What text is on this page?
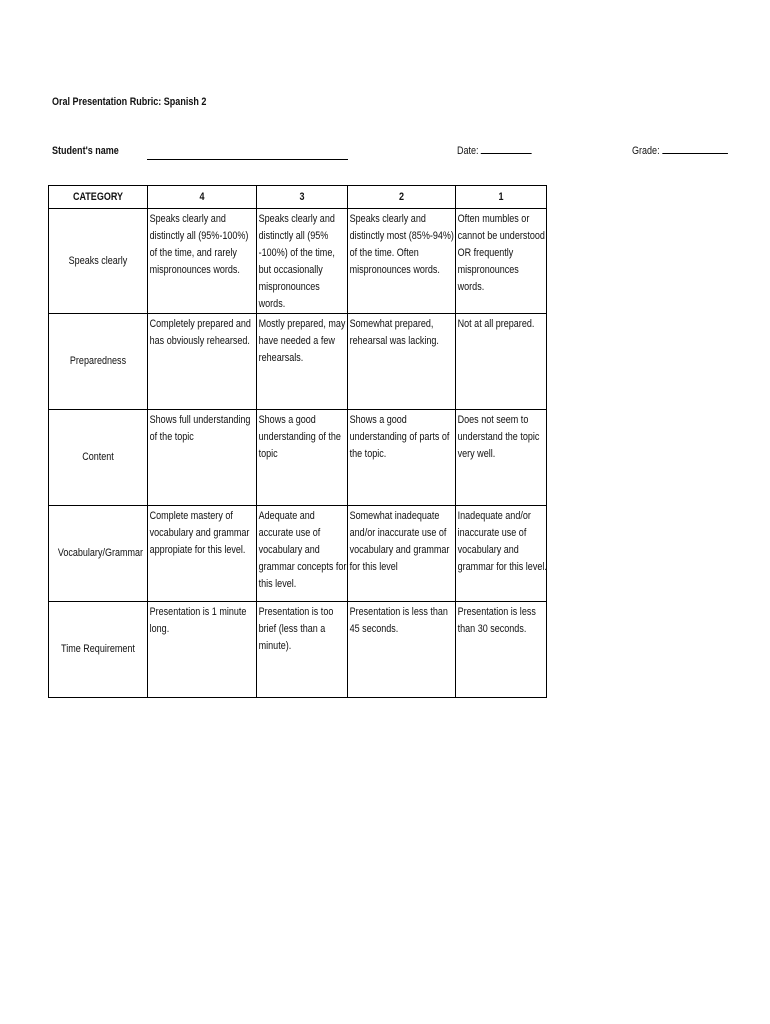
Oral Presentation Rubric: Spanish 2
Student's name	Date:	Grade:
CATEGORY	4	3	2	1

Speaks clearly	Speaks clearly and distinctly all (95%-100%) of the time, and rarely mispronounces words.	Speaks clearly and distinctly all (95% -100%) of the time, but occasionally mispronounces words.	Speaks clearly and distinctly most (85%-94%) of the time. Often mispronounces words.	Often mumbles or cannot be understood OR frequently mispronounces words.

Preparedness	Completely prepared and has obviously rehearsed.	Mostly prepared, may have needed a few rehearsals.	Somewhat prepared, rehearsal was lacking.	Not at all prepared.

Content	Shows full understanding of the topic	Shows a good understanding of the topic	Shows a good understanding of parts of the topic.	Does not seem to understand the topic very well.

Vocabulary/Grammar	Complete mastery of vocabulary and grammar appropiate for this level.	Adequate and accurate use of vocabulary and grammar concepts for this level.	Somewhat inadequate and/or inaccurate use of vocabulary and grammar for this level	Inadequate and/or inaccurate use of vocabulary and grammar for this level.

Time Requirement	Presentation is 1 minute long.	Presentation is too brief (less than a minute).	Presentation is less than 45 seconds.	Presentation is less than 30 seconds.
